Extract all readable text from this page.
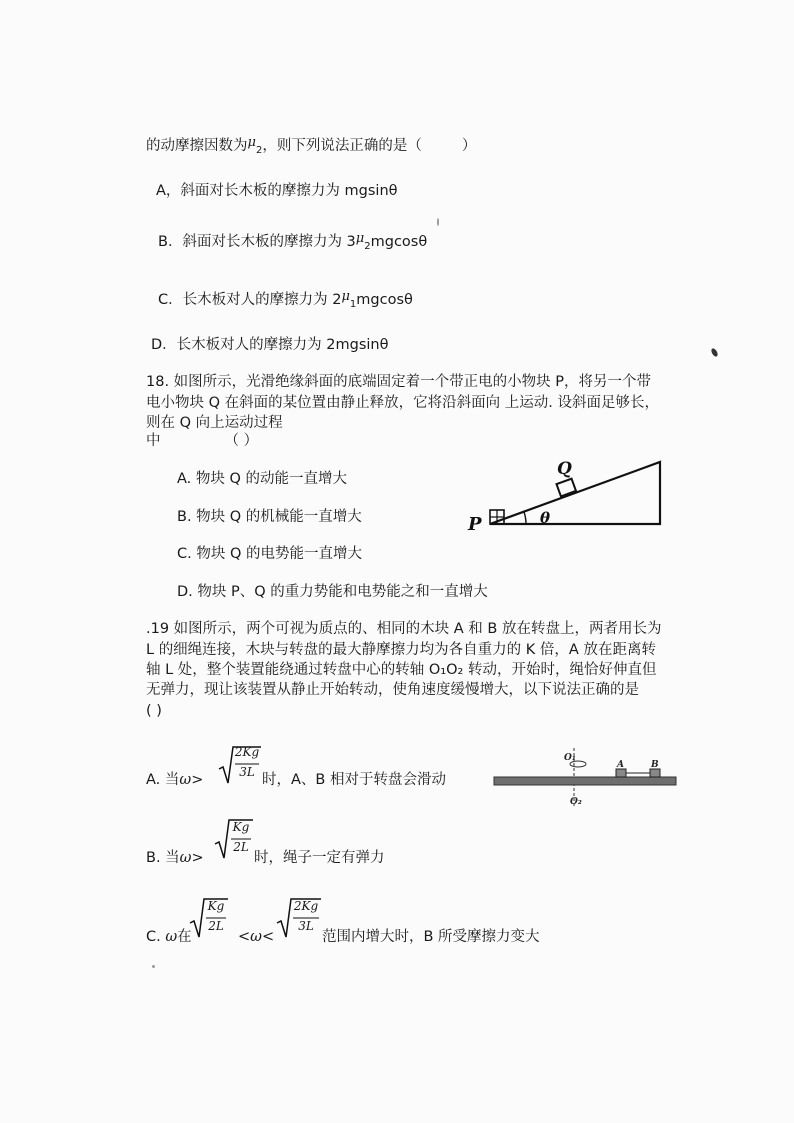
的动摩擦因数为$\mu_2$，则下列说法正确的是（	）
A，斜面对长木板的摩擦力为 mgsinθ
B．斜面对长木板的摩擦力为 $3\mu_2mgcos\theta$
C．长木板对人的摩擦力为 $2\mu_1mgcos\theta$
D．长木板对人的摩擦力为 2mgsinθ
18. 如图所示，光滑绝缘斜面的底端固定着一个带正电的小物块 P，将另一个带
电小物块 Q 在斜面的某位置由静止释放，它将沿斜面向 上运动. 设斜面足够长，
则在 Q 向上运动过程
中	（ ）
A. 物块 Q 的动能一直增大
B. 物块 Q 的机械能一直增大
C. 物块 Q 的电势能一直增大
D. 物块 P、Q 的重力势能和电势能之和一直增大
P
Q
θ
.19 如图所示，两个可视为质点的、相同的木块 A 和 B 放在转盘上，两者用长为
L 的细绳连接，木块与转盘的最大静摩擦力均为各自重力的 K 倍，A 放在距离转
轴 L 处，整个装置能绕通过转盘中心的转轴 O₁O₂ 转动，开始时，绳恰好伸直但
无弹力，现让该装置从静止开始转动，使角速度缓慢增大，以下说法正确的是
( )
A. 当ω>
2Kg
3L 时，A、B 相对于转盘会滑动
B. 当ω>
Kg
2L
时，绳子一定有弹力
C. ω在
Kg
2L
<ω<
2Kg
3L
范围内增大时，B 所受摩擦力变大
O₁
O₂
A	B
